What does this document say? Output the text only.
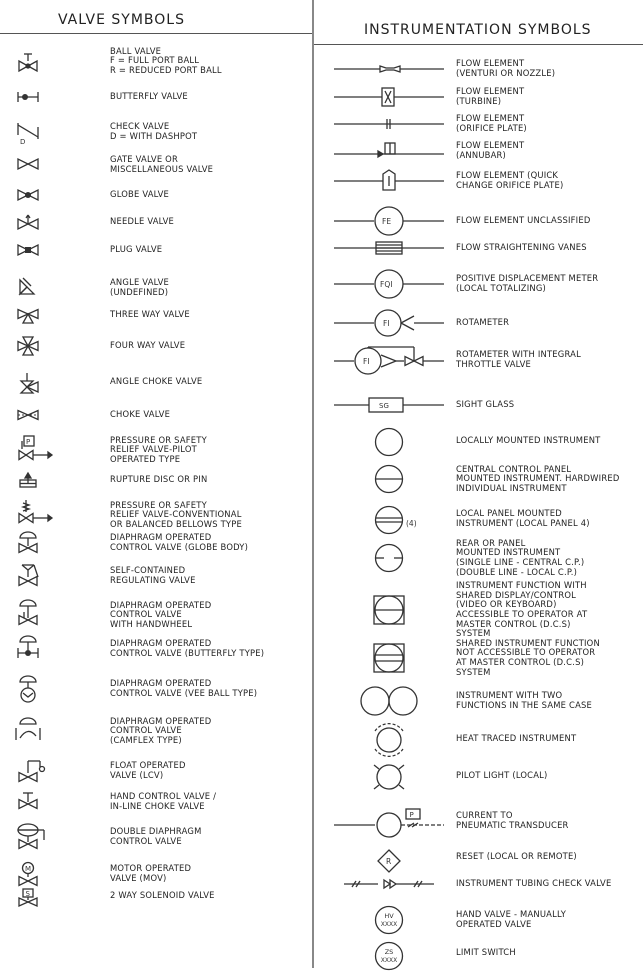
VALVE SYMBOLS
BALL VALVE
F = FULL PORT BALL
R = REDUCED PORT BALL
BUTTERFLY VALVE
D
CHECK VALVE
D = WITH DASHPOT
GATE VALVE OR
MISCELLANEOUS VALVE
GLOBE VALVE
NEEDLE VALVE
PLUG VALVE
ANGLE VALVE
(UNDEFINED)
THREE WAY VALVE
FOUR WAY VALVE
ANGLE CHOKE VALVE
CHOKE VALVE
P	PRESSURE OR SAFETY
RELIEF VALVE-PILOT
OPERATED TYPE
RUPTURE DISC OR PIN
PRESSURE OR SAFETY
RELIEF VALVE-CONVENTIONAL
OR BALANCED BELLOWS TYPE
DIAPHRAGM OPERATED
CONTROL VALVE (GLOBE BODY)
SELF-CONTAINED
REGULATING VALVE
DIAPHRAGM OPERATED
CONTROL VALVE
WITH HANDWHEEL
DIAPHRAGM OPERATED
CONTROL VALVE (BUTTERFLY TYPE)
DIAPHRAGM OPERATED
CONTROL VALVE (VEE BALL TYPE)
DIAPHRAGM OPERATED
CONTROL VALVE
(CAMFLEX TYPE)
FLOAT OPERATED
VALVE (LCV)
HAND CONTROL VALVE /
IN-LINE CHOKE VALVE
DOUBLE DIAPHRAGM
CONTROL VALVE
M	MOTOR OPERATED
VALVE (MOV)
S	2 WAY SOLENOID VALVE
INSTRUMENTATION SYMBOLS
FLOW ELEMENT
(VENTURI OR NOZZLE)
FLOW ELEMENT
(TURBINE)
FLOW ELEMENT
(ORIFICE PLATE)
FLOW ELEMENT
(ANNUBAR)
FLOW ELEMENT (QUICK
CHANGE ORIFICE PLATE)
FE	FLOW ELEMENT UNCLASSIFIED
FLOW STRAIGHTENING VANES
FQI
POSITIVE DISPLACEMENT METER
(LOCAL TOTALIZING)
FI	ROTAMETER
FI
ROTAMETER WITH INTEGRAL
THROTTLE VALVE
SG	SIGHT GLASS
LOCALLY MOUNTED INSTRUMENT
CENTRAL CONTROL PANEL
MOUNTED INSTRUMENT. HARDWIRED
INDIVIDUAL INSTRUMENT
(4)
LOCAL PANEL MOUNTED
INSTRUMENT (LOCAL PANEL 4)
REAR OR PANEL
MOUNTED INSTRUMENT
(SINGLE LINE - CENTRAL C.P.)
(DOUBLE LINE - LOCAL C.P.)
INSTRUMENT FUNCTION WITH
SHARED DISPLAY/CONTROL
(VIDEO OR KEYBOARD)
ACCESSIBLE TO OPERATOR AT
MASTER CONTROL (D.C.S)
SYSTEM
SHARED INSTRUMENT FUNCTION
NOT ACCESSIBLE TO OPERATOR
AT MASTER CONTROL (D.C.S)
SYSTEM
INSTRUMENT WITH TWO
FUNCTIONS IN THE SAME CASE
HEAT TRACED INSTRUMENT
PILOT LIGHT (LOCAL)
P	CURRENT TO
PNEUMATIC TRANSDUCER
R
RESET (LOCAL OR REMOTE)
INSTRUMENT TUBING CHECK VALVE
HV
XXXX
HAND VALVE - MANUALLY
OPERATED VALVE
ZS
XXXX
LIMIT SWITCH
